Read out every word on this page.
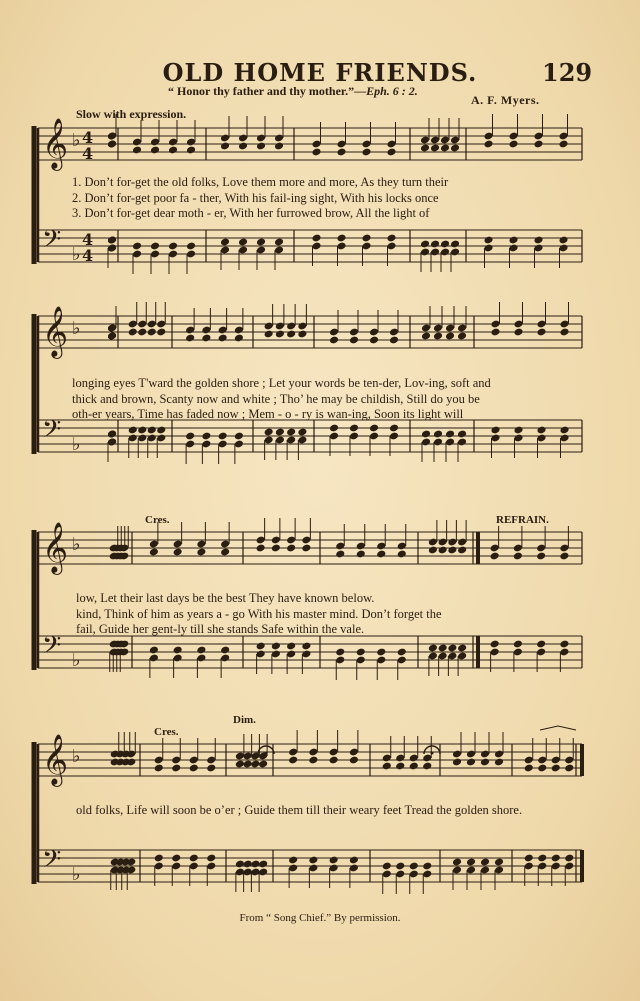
OLD HOME FRIENDS.	129
“ Honor thy father and thy mother.”—Eph. 6 : 2.
A. F. Myers.
Slow with expression.
𝄞 ♭ 4
4
𝄢 ♭
4
4
𝄞 ♭
𝄢 ♭
𝄞 ♭
𝄢 ♭
𝄞 ♭
𝄢 ♭
1. Don’t for-get the old folks, Love them more and more, As they turn their
2. Don’t for-get poor fa - ther, With his fail-ing sight, With his locks once
3. Don’t for-get dear moth - er, With her furrowed brow, All the light of
longing eyes T'ward the golden shore ; Let your words be ten-der, Lov-ing, soft and
thick and brown, Scanty now and white ; Tho’ he may be childish, Still do you be
oth-er years, Time has faded now ; Mem - o - ry is wan-ing, Soon its light will
Cres.	REFRAIN.
low, Let their last days be the best They have known below.
kind, Think of him as years a - go With his master mind. Don’t forget the
fail, Guide her gent-ly till she stands Safe within the vale.
Cres.
Dim.
old folks, Life will soon be o’er ; Guide them till their weary feet Tread the golden shore.
From “ Song Chief.” By permission.
